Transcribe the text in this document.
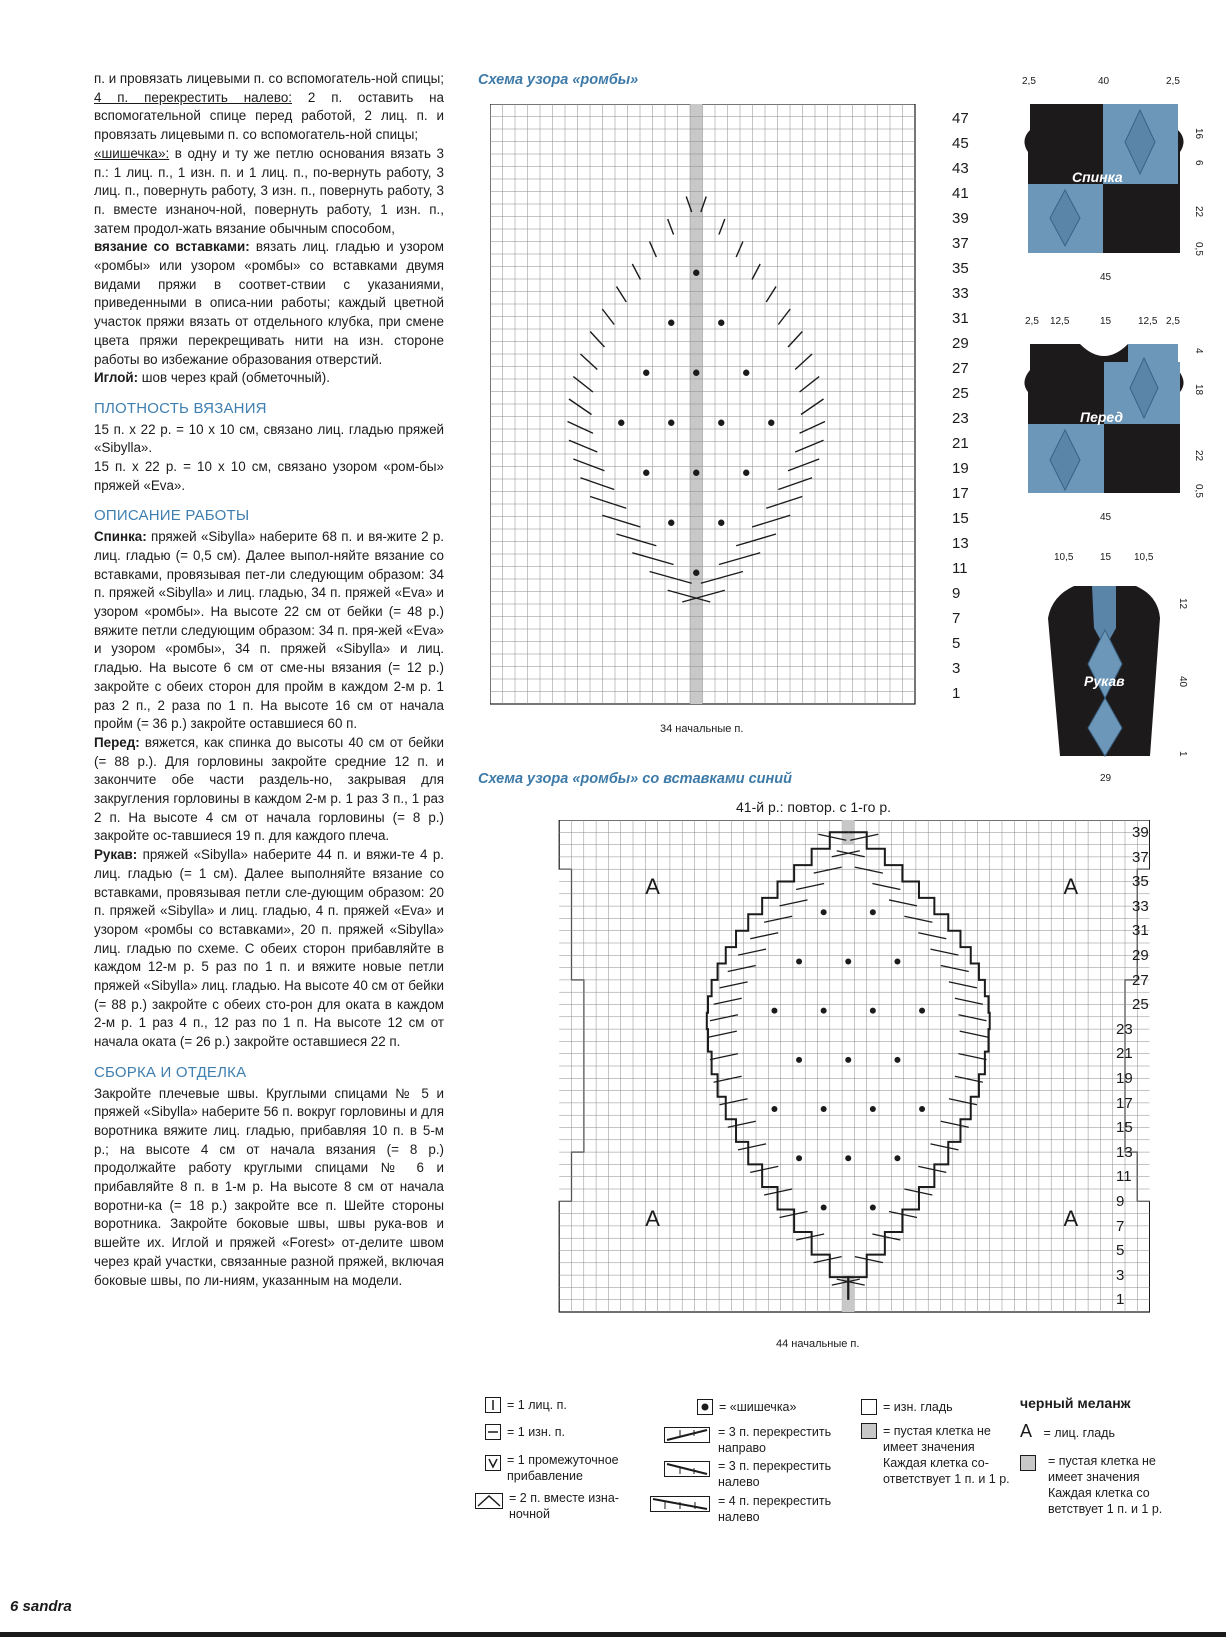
п. и провязать лицевыми п. со вспомогатель-ной спицы;

4 п. перекрестить налево: 2 п. оставить на вспомогательной спице перед работой, 2 лиц. п. и провязать лицевыми п. со вспомогатель-ной спицы;

«шишечка»: в одну и ту же петлю основания вязать 3 п.: 1 лиц. п., 1 изн. п. и 1 лиц. п., по-вернуть работу, 3 лиц. п., повернуть работу, 3 изн. п., повернуть работу, 3 п. вместе изнаноч-ной, повернуть работу, 1 изн. п., затем продол-жать вязание обычным способом,

вязание со вставками: вязать лиц. гладью и узором «ромбы» или узором «ромбы» со вставками двумя видами пряжи в соответ-ствии с указаниями, приведенными в описа-нии работы; каждый цветной участок пряжи вязать от отдельного клубка, при смене цвета пряжи перекрещивать нити на изн. стороне работы во избежание образования отверстий.

Иглой: шов через край (обметочный).

ПЛОТНОСТЬ ВЯЗАНИЯ

15 п. х 22 р. = 10 х 10 см, связано лиц. гладью пряжей «Sibylla».

15 п. х 22 р. = 10 х 10 см, связано узором «ром-бы» пряжей «Eva».

ОПИСАНИЕ РАБОТЫ

Спинка: пряжей «Sibylla» наберите 68 п. и вя-жите 2 р. лиц. гладью (= 0,5 см). Далее выпол-няйте вязание со вставками, провязывая пет-ли следующим образом: 34 п. пряжей «Sibylla» и лиц. гладью, 34 п. пряжей «Eva» и узором «ромбы». На высоте 22 см от бейки (= 48 р.) вяжите петли следующим образом: 34 п. пря-жей «Eva» и узором «ромбы», 34 п. пряжей «Sibylla» и лиц. гладью. На высоте 6 см от сме-ны вязания (= 12 р.) закройте с обеих сторон для пройм в каждом 2-м р. 1 раз 2 п., 2 раза по 1 п. На высоте 16 см от начала пройм (= 36 р.) закройте оставшиеся 60 п.

Перед: вяжется, как спинка до высоты 40 см от бейки (= 88 р.). Для горловины закройте средние 12 п. и закончите обе части раздель-но, закрывая для закругления горловины в каждом 2-м р. 1 раз 3 п., 1 раз 2 п. На высоте 4 см от начала горловины (= 8 р.) закройте ос-тавшиеся 19 п. для каждого плеча.

Рукав: пряжей «Sibylla» наберите 44 п. и вяжи-те 4 р. лиц. гладью (= 1 см). Далее выполняйте вязание со вставками, провязывая петли сле-дующим образом: 20 п. пряжей «Sibylla» и лиц. гладью, 4 п. пряжей «Eva» и узором «ромбы со вставками», 20 п. пряжей «Sibylla» лиц. гладью по схеме. С обеих сторон прибавляйте в каждом 12-м р. 5 раз по 1 п. и вяжите новые петли пряжей «Sibylla» лиц. гладью. На высоте 40 см от бейки (= 88 р.) закройте с обеих сто-рон для оката в каждом 2-м р. 1 раз 4 п., 12 раз по 1 п. На высоте 12 см от начала оката (= 26 р.) закройте оставшиеся 22 п.

СБОРКА И ОТДЕЛКА

Закройте плечевые швы. Круглыми спицами № 5 и пряжей «Sibylla» наберите 56 п. вокруг горловины и для воротника вяжите лиц. гладью, прибавляя 10 п. в 5-м р.; на высоте 4 см от начала вязания (= 8 р.) продолжайте работу круглыми спицами № 6 и прибавляйте 8 п. в 1-м р. На высоте 8 см от начала воротни-ка (= 18 р.) закройте все п. Шейте стороны воротника. Закройте боковые швы, швы рука-вов и вшейте их. Иглой и пряжей «Forest» от-делите швом через край участки, связанные разной пряжей, включая боковые швы, по ли-ниям, указанным на модели.

Схема узора «ромбы»
47
45
43
41
39
37
35
33
31
29
27
25
23
21
19
17
15
13
11
9
7
5
3
1
34 начальные п.
Схема узора «ромбы» со вставками синий
41-й р.: повтор. с 1-го р.
A	A
A	A
39
37
35
33
31
29
27
25
23
21
19
17
15
13
11
9
7
5
3
1
44 начальные п.
2,5	40	2,5
45
Спинка
16
6
22
0,5
2,5 12,5	15	12,5 2,5
45
Перед
4
18
22
0,5
10,5	15 10,5
29
Рукав
12
40
1
= 1 лиц. п.
= 1 изн. п.
= 1 промежуточное прибавление
= 2 п. вместе изна-ночной
= «шишечка»
= 3 п. перекрестить направо
= 3 п. перекрестить налево
= 4 п. перекрестить налево
= изн. гладь
= пустая клетка не имеет значения Каждая клетка со-ответствует 1 п. и 1 р.
черный меланж
A = лиц. гладь
= пустая клетка не имеет значения Каждая клетка со ветствует 1 п. и 1 р.
6 sandra
